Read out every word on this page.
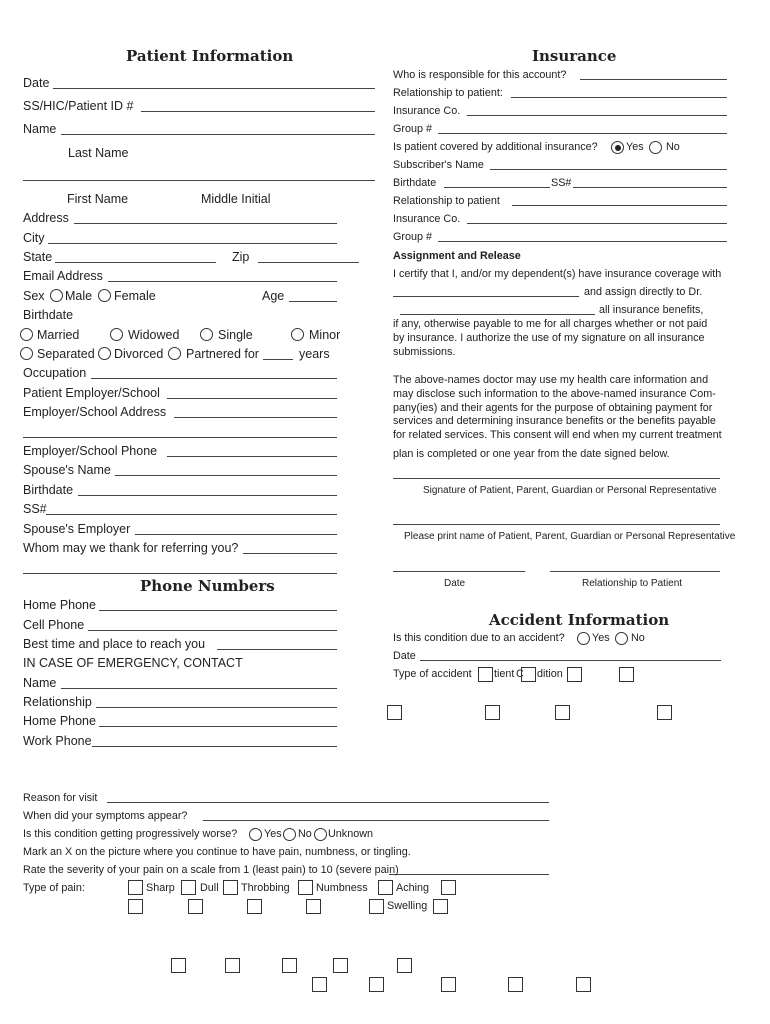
Patient Information
Date
SS/HIC/Patient ID #
Name
Last Name
First Name	Middle Initial
Address
City
State	Zip
Email Address
Sex Male Female	Age
Birthdate
Married	Widowed	Single	Minor
Separated Divorced Partnered for	years
Occupation
Patient Employer/School
Employer/School Address
Employer/School Phone
Spouse's Name
Birthdate
SS#
Spouse's Employer
Whom may we thank for referring you?
Phone Numbers
Home Phone
Cell Phone
Best time and place to reach you
IN CASE OF EMERGENCY, CONTACT
Name
Relationship
Home Phone
Work Phone
Insurance
Who is responsible for this account?
Relationship to patient:
Insurance Co.
Group #
Is patient covered by additional insurance?	Yes No
Subscriber's Name
Birthdate	SS#
Relationship to patient
Insurance Co.
Group #
Assignment and Release
I certify that I, and/or my dependent(s) have insurance coverage with
and assign directly to Dr.
all insurance benefits,
if any, otherwise payable to me for all charges whether or not paid
by insurance. I authorize the use of my signature on all insurance
submissions.
The above-names doctor may use my health care information and
may disclose such information to the above-named insurance Com-
pany(ies) and their agents for the purpose of obtaining payment for
services and determining insurance benefits or the benefits payable
for related services. This consent will end when my current treatment
plan is completed or one year from the date signed below.
Signature of Patient, Parent, Guardian or Personal Representative
Please print name of Patient, Parent, Guardian or Personal Representative
Date	Relationship to Patient
Accident Information
Is this condition due to an accident?	Yes No
Date
Type of accident tient C dition
Reason for visit
When did your symptoms appear?
Is this condition getting progressively worse? Yes No Unknown
Mark an X on the picture where you continue to have pain, numbness, or tingling.
Rate the severity of your pain on a scale from 1 (least pain) to 10 (severe pain)
Type of pain:	Sharp Dull Throbbing Numbness	Aching
Swelling
